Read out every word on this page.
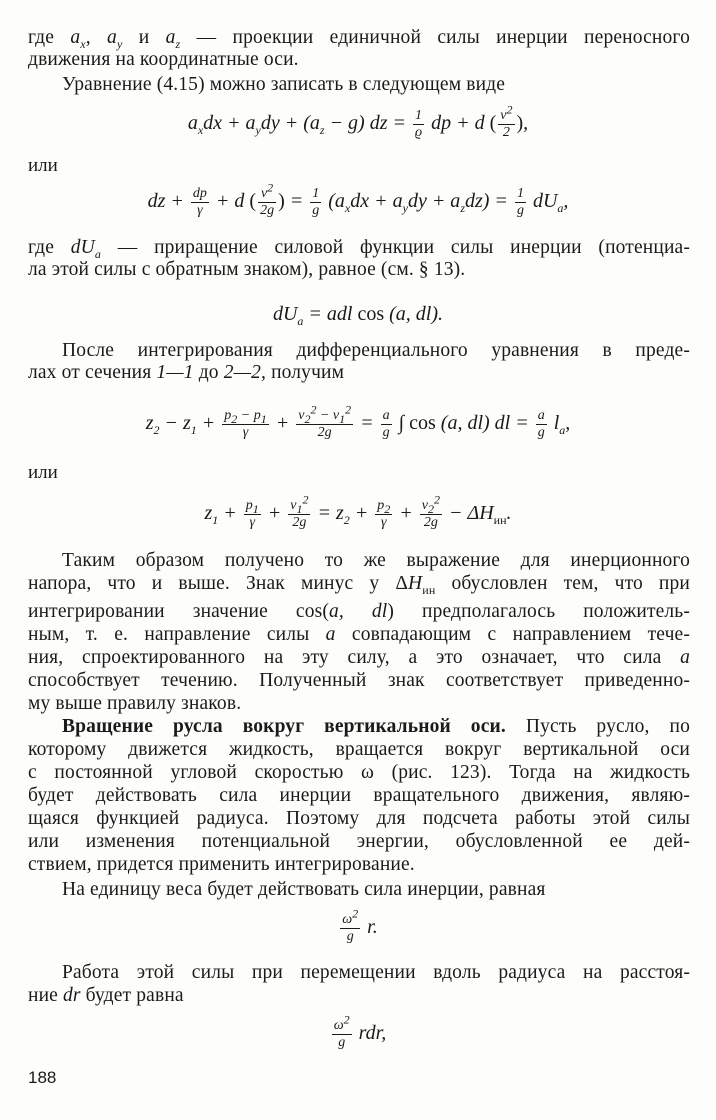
где $a_x$, $a_y$ и $a_z$ — проекции единичной силы инерции переносного
движения на координатные оси.
Уравнение (4.15) можно записать в следующем виде
$a_xdx + a_ydy + (a_z - g)$ dz = $\frac{1}{ϱ}$ dp + d ( $\frac{v^2}{2}$ ),
или
dz + $\frac{dp}{\gamma} + d$ ( $\frac{v^2}{2g}$ ) = $\frac{1}{g} (a_xdx + a_ydy + a_zdz) = \frac{1}{g} dU_a$,
где $dU_a$ — приращение силовой функции силы инерции (потенциа-
ла этой силы с обратным знаком), равное (см. § 13).
$dU_a$ = adl cos (a, dl).
После интегрирования дифференциального уравнения в преде-
лах от сечения 1—1 до 2—2, получим
$z_2 - z_1 + \frac{p_2 - p_1}{\gamma} + \frac{v_2^2 - v_1^2}{2g} = \frac{a}{g}$ ∫ cos (a, dl) dl = $\frac{a}{g} l_a$,
или
$z_1 + \frac{p_1}{\gamma} + \frac{v_1^2}{2g} = z_2 + \frac{p_2}{\gamma} + \frac{v_2^2}{2g} - \Delta H_{ин}$.
Таким образом получено то же выражение для инерционного
напора, что и выше. Знак минус у $\Delta H_{ин}$ обусловлен тем, что при
интегрировании значение cos(a, dl) предполагалось положитель-
ным, т. е. направление силы a совпадающим с направлением тече-
ния, спроектированного на эту силу, а это означает, что сила a
способствует течению. Полученный знак соответствует приведенно-
му выше правилу знаков.
Вращение русла вокруг вертикальной оси. Пусть русло, по
которому движется жидкость, вращается вокруг вертикальной оси
с постоянной угловой скоростью ω (рис. 123). Тогда на жидкость
будет действовать сила инерции вращательного движения, являю-
щаяся функцией радиуса. Поэтому для подсчета работы этой силы
или изменения потенциальной энергии, обусловленной ее дей-
ствием, придется применить интегрирование.
На единицу веса будет действовать сила инерции, равная
$\frac{\omega^2}{g} r$.
Работа этой силы при перемещении вдоль радиуса на расстоя-
ние dr будет равна
$\frac{\omega^2}{g}$ rdr,
188
